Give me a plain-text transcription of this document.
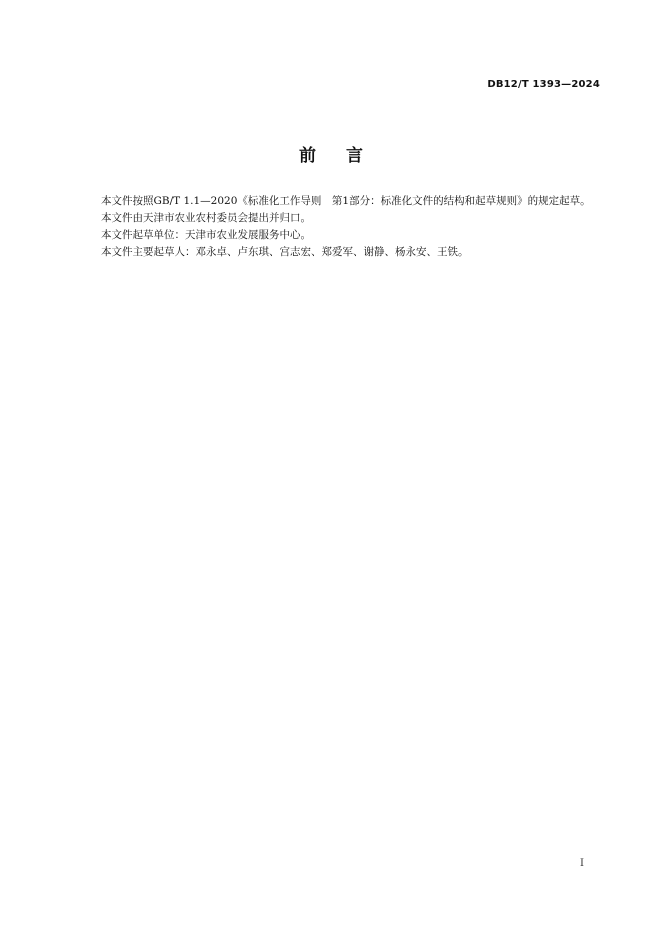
DB12/T 1393—2024
前 言

本文件按照GB/T 1.1—2020《标准化工作导则　第1部分：标准化文件的结构和起草规则》的规定起草。

本文件由天津市农业农村委员会提出并归口。

本文件起草单位：天津市农业发展服务中心。

本文件主要起草人：邓永卓、卢东琪、宫志宏、郑爱军、谢静、杨永安、王铁。

I
